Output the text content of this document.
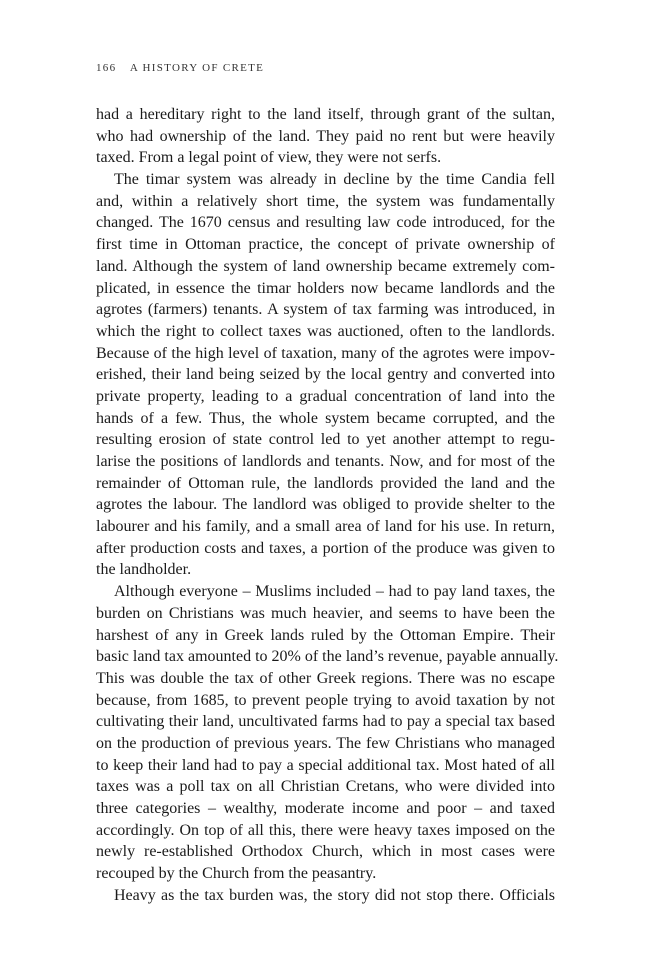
166 A HISTORY OF CRETE
had a hereditary right to the land itself, through grant of the sultan,
who had ownership of the land. They paid no rent but were heavily
taxed. From a legal point of view, they were not serfs.
The timar system was already in decline by the time Candia fell
and, within a relatively short time, the system was fundamentally
changed. The 1670 census and resulting law code introduced, for the
first time in Ottoman practice, the concept of private ownership of
land. Although the system of land ownership became extremely com-
plicated, in essence the timar holders now became landlords and the
agrotes (farmers) tenants. A system of tax farming was introduced, in
which the right to collect taxes was auctioned, often to the landlords.
Because of the high level of taxation, many of the agrotes were impov-
erished, their land being seized by the local gentry and converted into
private property, leading to a gradual concentration of land into the
hands of a few. Thus, the whole system became corrupted, and the
resulting erosion of state control led to yet another attempt to regu-
larise the positions of landlords and tenants. Now, and for most of the
remainder of Ottoman rule, the landlords provided the land and the
agrotes the labour. The landlord was obliged to provide shelter to the
labourer and his family, and a small area of land for his use. In return,
after production costs and taxes, a portion of the produce was given to
the landholder.
Although everyone – Muslims included – had to pay land taxes, the
burden on Christians was much heavier, and seems to have been the
harshest of any in Greek lands ruled by the Ottoman Empire. Their
basic land tax amounted to 20% of the land’s revenue, payable annually.
This was double the tax of other Greek regions. There was no escape
because, from 1685, to prevent people trying to avoid taxation by not
cultivating their land, uncultivated farms had to pay a special tax based
on the production of previous years. The few Christians who managed
to keep their land had to pay a special additional tax. Most hated of all
taxes was a poll tax on all Christian Cretans, who were divided into
three categories – wealthy, moderate income and poor – and taxed
accordingly. On top of all this, there were heavy taxes imposed on the
newly re-established Orthodox Church, which in most cases were
recouped by the Church from the peasantry.
Heavy as the tax burden was, the story did not stop there. Officials
